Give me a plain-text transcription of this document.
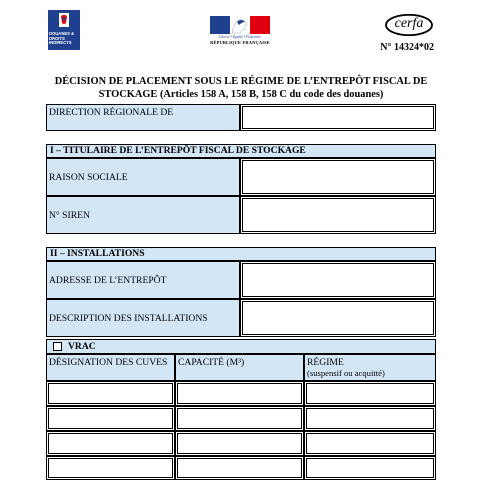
DOUANES & DROITS INDIRECTS
Liberté • Égalité • Fraternité
RÉPUBLIQUE FRANÇAISE
cerfa
N° 14324*02
DÉCISION DE PLACEMENT SOUS LE RÉGIME DE L’ENTREPÔT FISCAL DE
STOCKAGE (Articles 158 A, 158 B, 158 C du code des douanes)
DIRECTION RÉGIONALE DE
I – TITULAIRE DE L’ENTREPÔT FISCAL DE STOCKAGE
RAISON SOCIALE
N° SIREN
II – INSTALLATIONS
ADRESSE DE L’ENTREPÔT
DESCRIPTION DES INSTALLATIONS
VRAC
DÉSIGNATION DES CUVES	CAPACITÉ (M³)	RÉGIME
(suspensif ou acquitté)
